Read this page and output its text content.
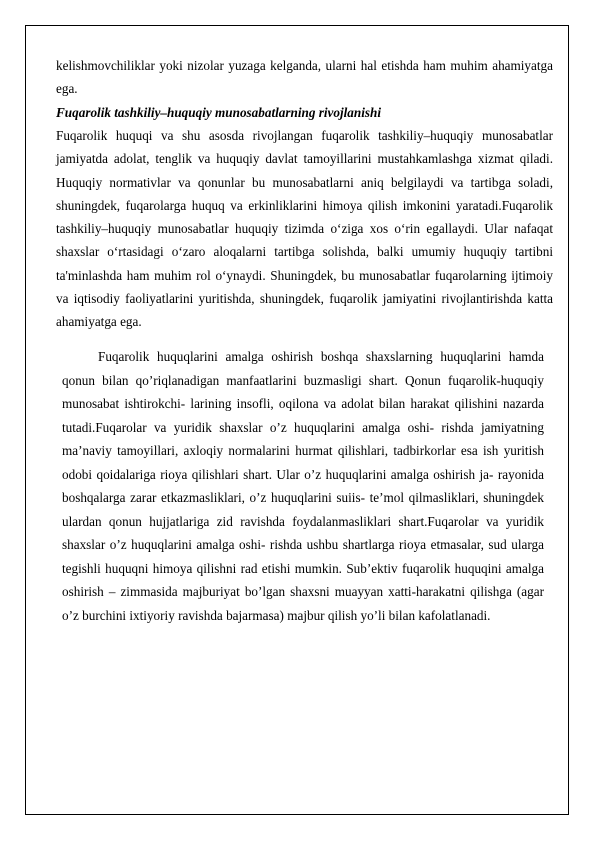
kelishmovchiliklar yoki nizolar yuzaga kelganda, ularni hal etishda ham muhim ahamiyatga ega.

Fuqarolik tashkiliy–huquqiy munosabatlarning rivojlanishi

Fuqarolik huquqi va shu asosda rivojlangan fuqarolik tashkiliy–huquqiy munosabatlar jamiyatda adolat, tenglik va huquqiy davlat tamoyillarini mustahkamlashga xizmat qiladi. Huquqiy normativlar va qonunlar bu munosabatlarni aniq belgilaydi va tartibga soladi, shuningdek, fuqarolarga huquq va erkinliklarini himoya qilish imkonini yaratadi.Fuqarolik tashkiliy–huquqiy munosabatlar huquqiy tizimda o‘ziga xos o‘rin egallaydi. Ular nafaqat shaxslar o‘rtasidagi o‘zaro aloqalarni tartibga solishda, balki umumiy huquqiy tartibni ta'minlashda ham muhim rol o‘ynaydi. Shuningdek, bu munosabatlar fuqarolarning ijtimoiy va iqtisodiy faoliyatlarini yuritishda, shuningdek, fuqarolik jamiyatini rivojlantirishda katta ahamiyatga ega.

Fuqarolik huquqlarini amalga oshirish boshqa shaxslarning huquqlarini hamda qonun bilan qo’riqlanadigan manfaatlarini buzmasligi shart. Qonun fuqarolik-huquqiy munosabat ishtirokchi- larining insofli, oqilona va adolat bilan harakat qilishini nazarda tutadi.Fuqarolar va yuridik shaxslar o’z huquqlarini amalga oshi- rishda jamiyatning ma’naviy tamoyillari, axloqiy normalarini hurmat qilishlari, tadbirkorlar esa ish yuritish odobi qoidalariga rioya qilishlari shart. Ular o’z huquqlarini amalga oshirish ja- rayonida boshqalarga zarar etkazmasliklari, o’z huquqlarini suiis- te’mol qilmasliklari, shuningdek ulardan qonun hujjatlariga zid ravishda foydalanmasliklari shart.Fuqarolar va yuridik shaxslar o’z huquqlarini amalga oshi- rishda ushbu shartlarga rioya etmasalar, sud ularga tegishli huquqni himoya qilishni rad etishi mumkin. Sub’ektiv fuqarolik huquqini amalga oshirish – zimmasida majburiyat bo’lgan shaxsni muayyan xatti-harakatni qilishga (agar o’z burchini ixtiyoriy ravishda bajarmasa) majbur qilish yo’li bilan kafolatlanadi.
